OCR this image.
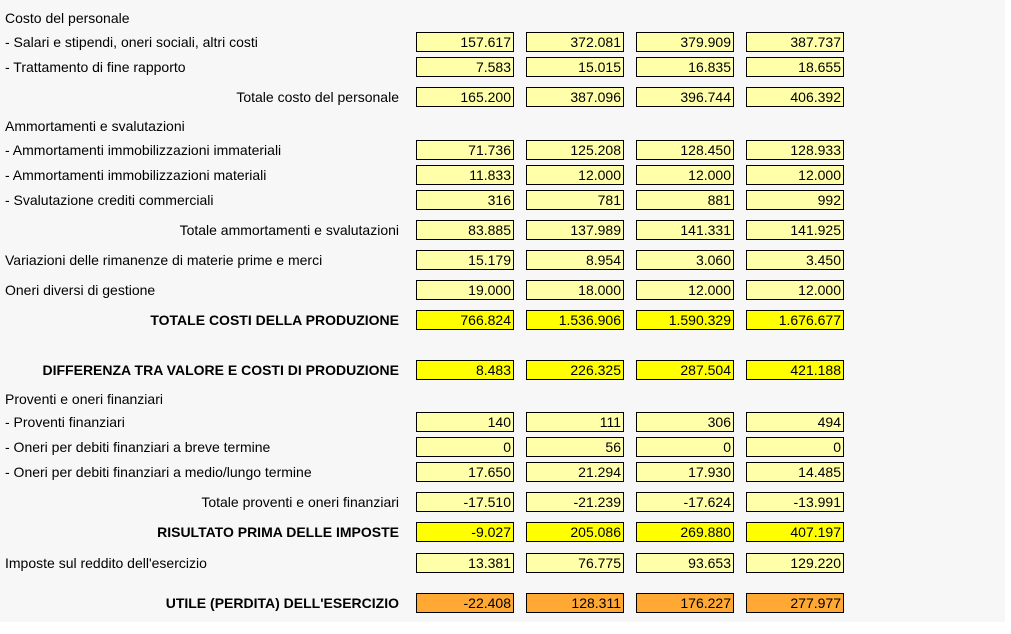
Costo del personale
- Salari e stipendi, oneri sociali, altri costi	157.617	372.081	379.909	387.737
- Trattamento di fine rapporto	7.583	15.015	16.835	18.655
Totale costo del personale	165.200	387.096	396.744	406.392
Ammortamenti e svalutazioni
- Ammortamenti immobilizzazioni immateriali	71.736	125.208	128.450	128.933
- Ammortamenti immobilizzazioni materiali	11.833	12.000	12.000	12.000
- Svalutazione crediti commerciali	316	781	881	992
Totale ammortamenti e svalutazioni	83.885	137.989	141.331	141.925
Variazioni delle rimanenze di materie prime e merci	15.179	8.954	3.060	3.450
Oneri diversi di gestione	19.000	18.000	12.000	12.000
TOTALE COSTI DELLA PRODUZIONE	766.824	1.536.906	1.590.329	1.676.677
DIFFERENZA TRA VALORE E COSTI DI PRODUZIONE	8.483	226.325	287.504	421.188
Proventi e oneri finanziari
- Proventi finanziari	140	111	306	494
- Oneri per debiti finanziari a breve termine	0	56	0	0
- Oneri per debiti finanziari a medio/lungo termine	17.650	21.294	17.930	14.485
Totale proventi e oneri finanziari	-17.510	-21.239	-17.624	-13.991
RISULTATO PRIMA DELLE IMPOSTE	-9.027	205.086	269.880	407.197
Imposte sul reddito dell'esercizio	13.381	76.775	93.653	129.220
UTILE (PERDITA) DELL'ESERCIZIO	-22.408	128.311	176.227	277.977
